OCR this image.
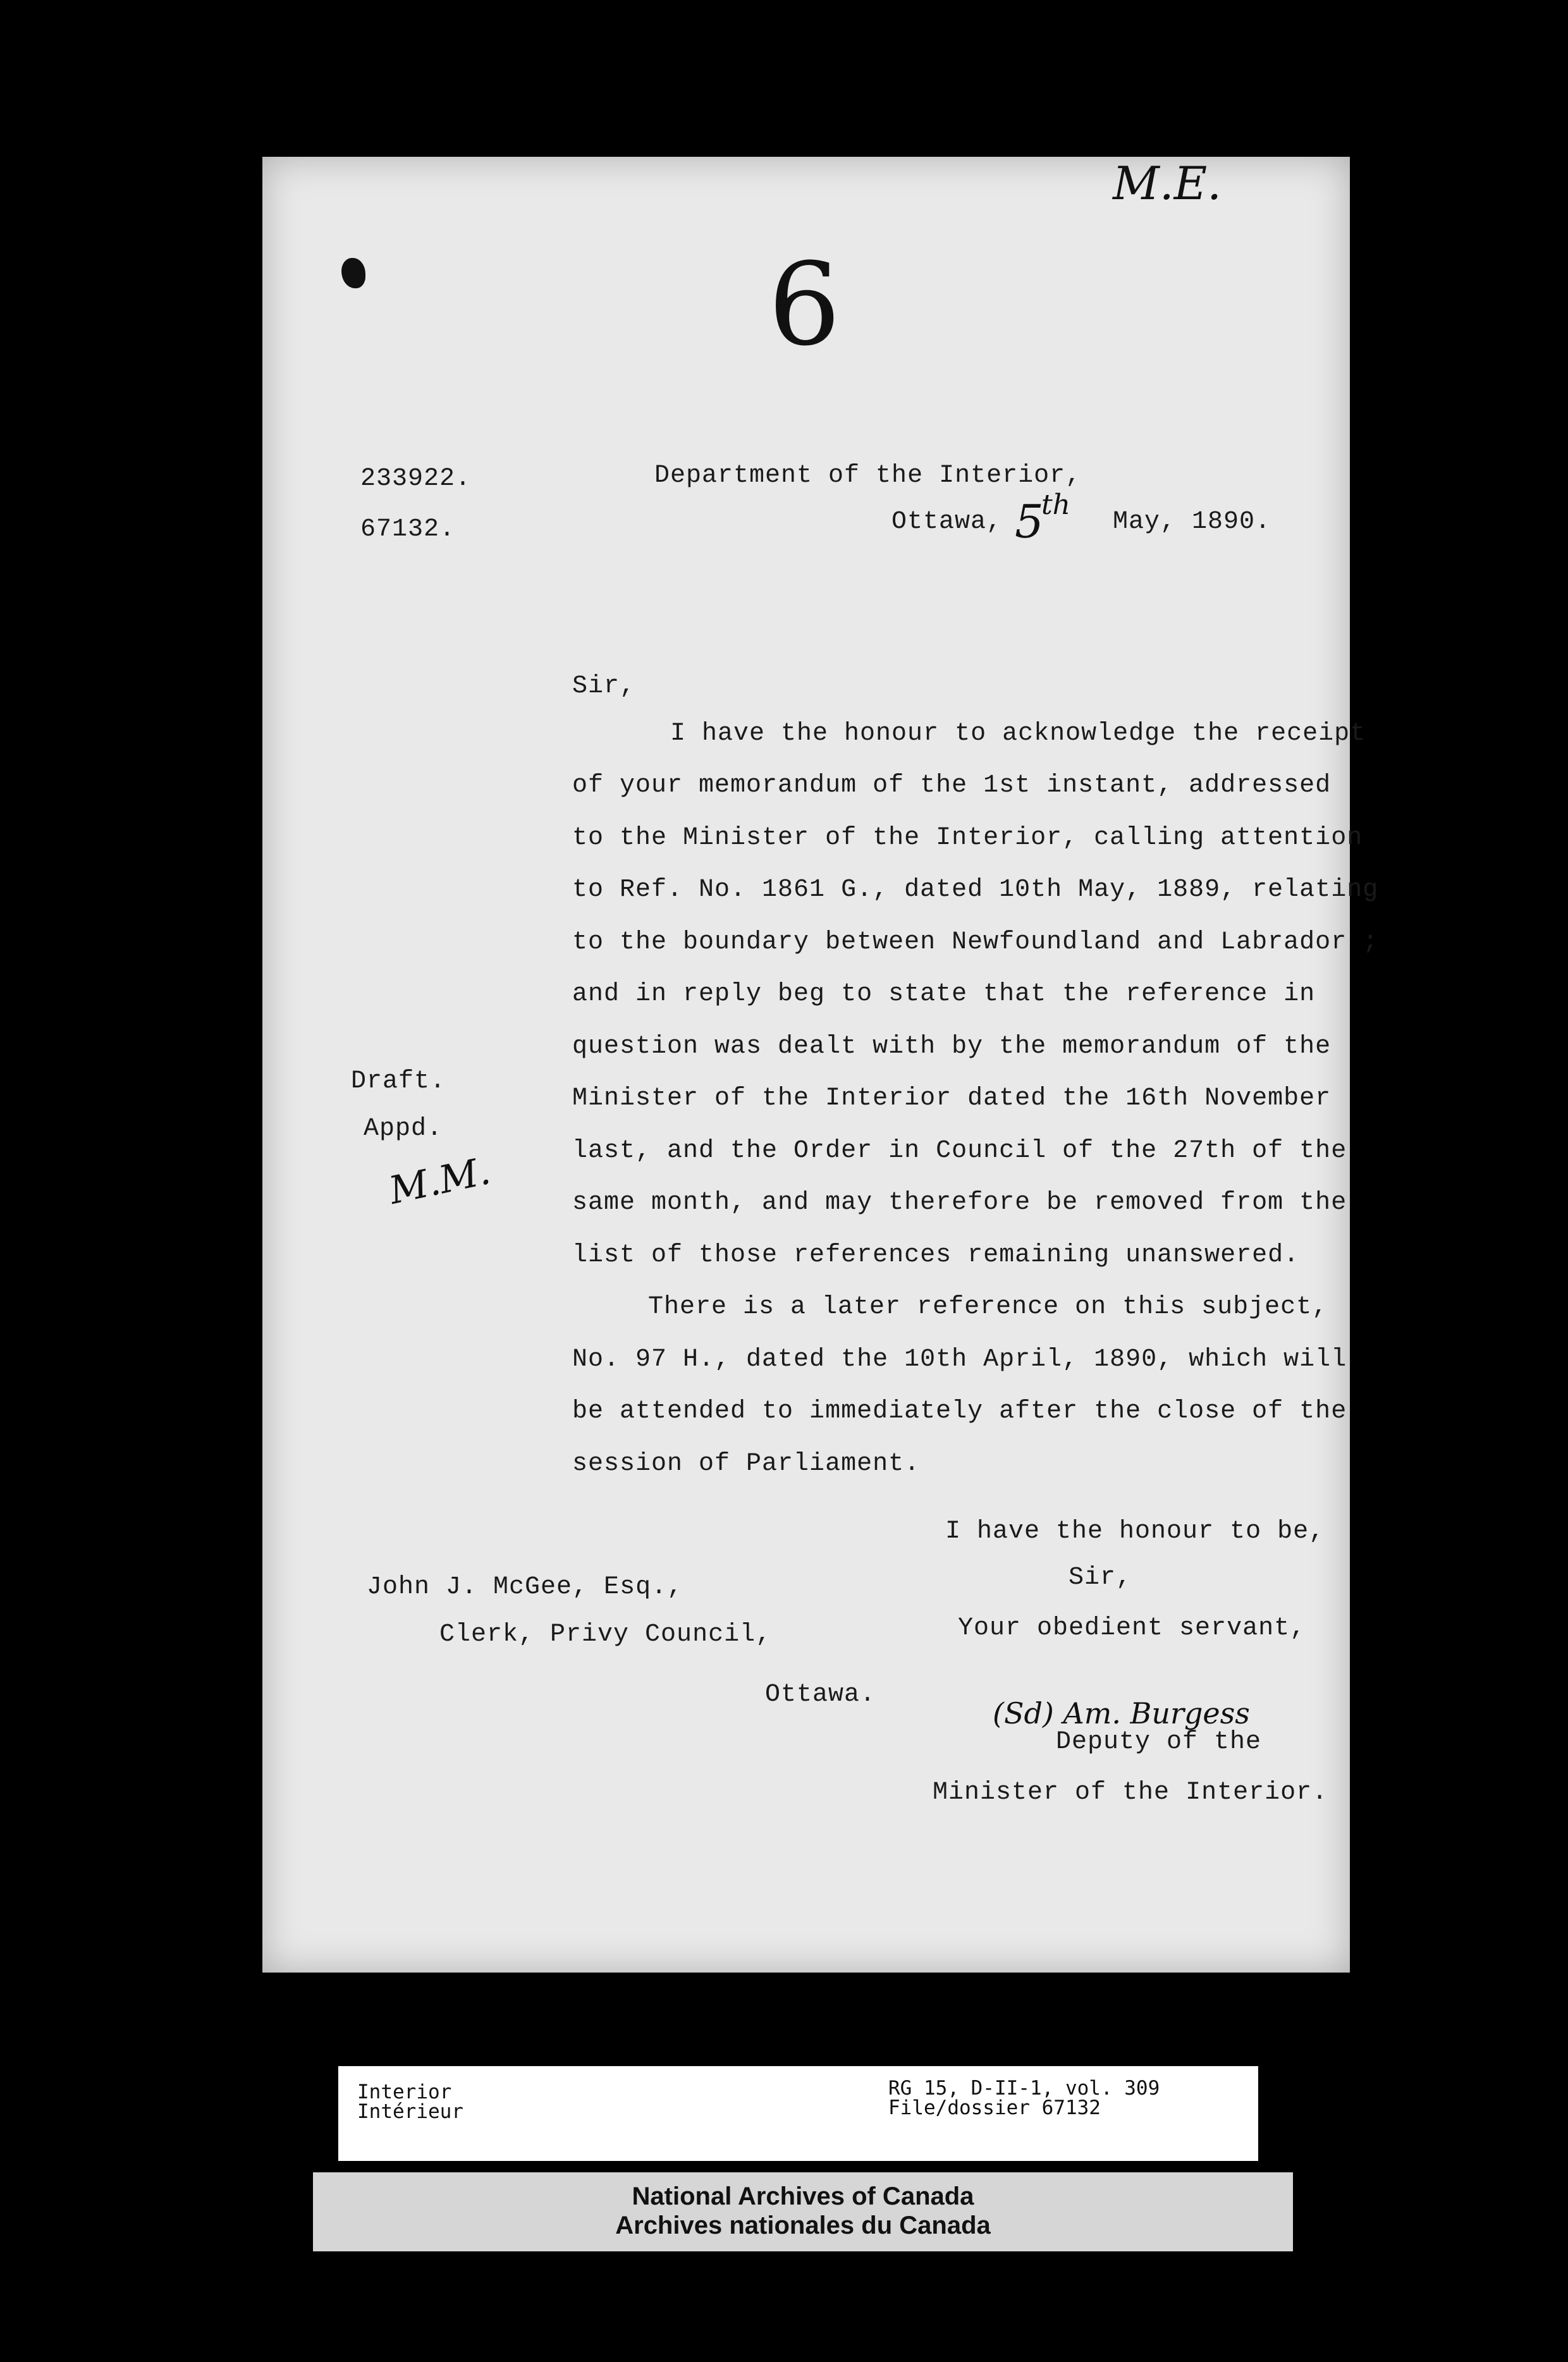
M.E.
6
M.M.
(Sd) Am. Burgess
233922.
67132.
Department of the Interior,
Ottawa, 5
th
May, 1890.
Sir,
I have the honour to acknowledge the receipt
of your memorandum of the 1st instant, addressed
to the Minister of the Interior, calling attention
to Ref. No. 1861 G., dated 10th May, 1889, relating
to the boundary between Newfoundland and Labrador ;
and in reply beg to state that the reference in
question was dealt with by the memorandum of the
Minister of the Interior dated the 16th November
last, and the Order in Council of the 27th of the
same month, and may therefore be removed from the
list of those references remaining unanswered.
There is a later reference on this subject,
No. 97 H., dated the 10th April, 1890, which will
be attended to immediately after the close of the
session of Parliament.
Draft.
Appd.
I have the honour to be,
Sir,
Your obedient servant,
Deputy of the
Minister of the Interior.
John J. McGee, Esq.,
Clerk, Privy Council,
Ottawa.
Interior
Intérieur
RG 15, D-II-1, vol. 309
File/dossier 67132
National Archives of Canada
Archives nationales du Canada
